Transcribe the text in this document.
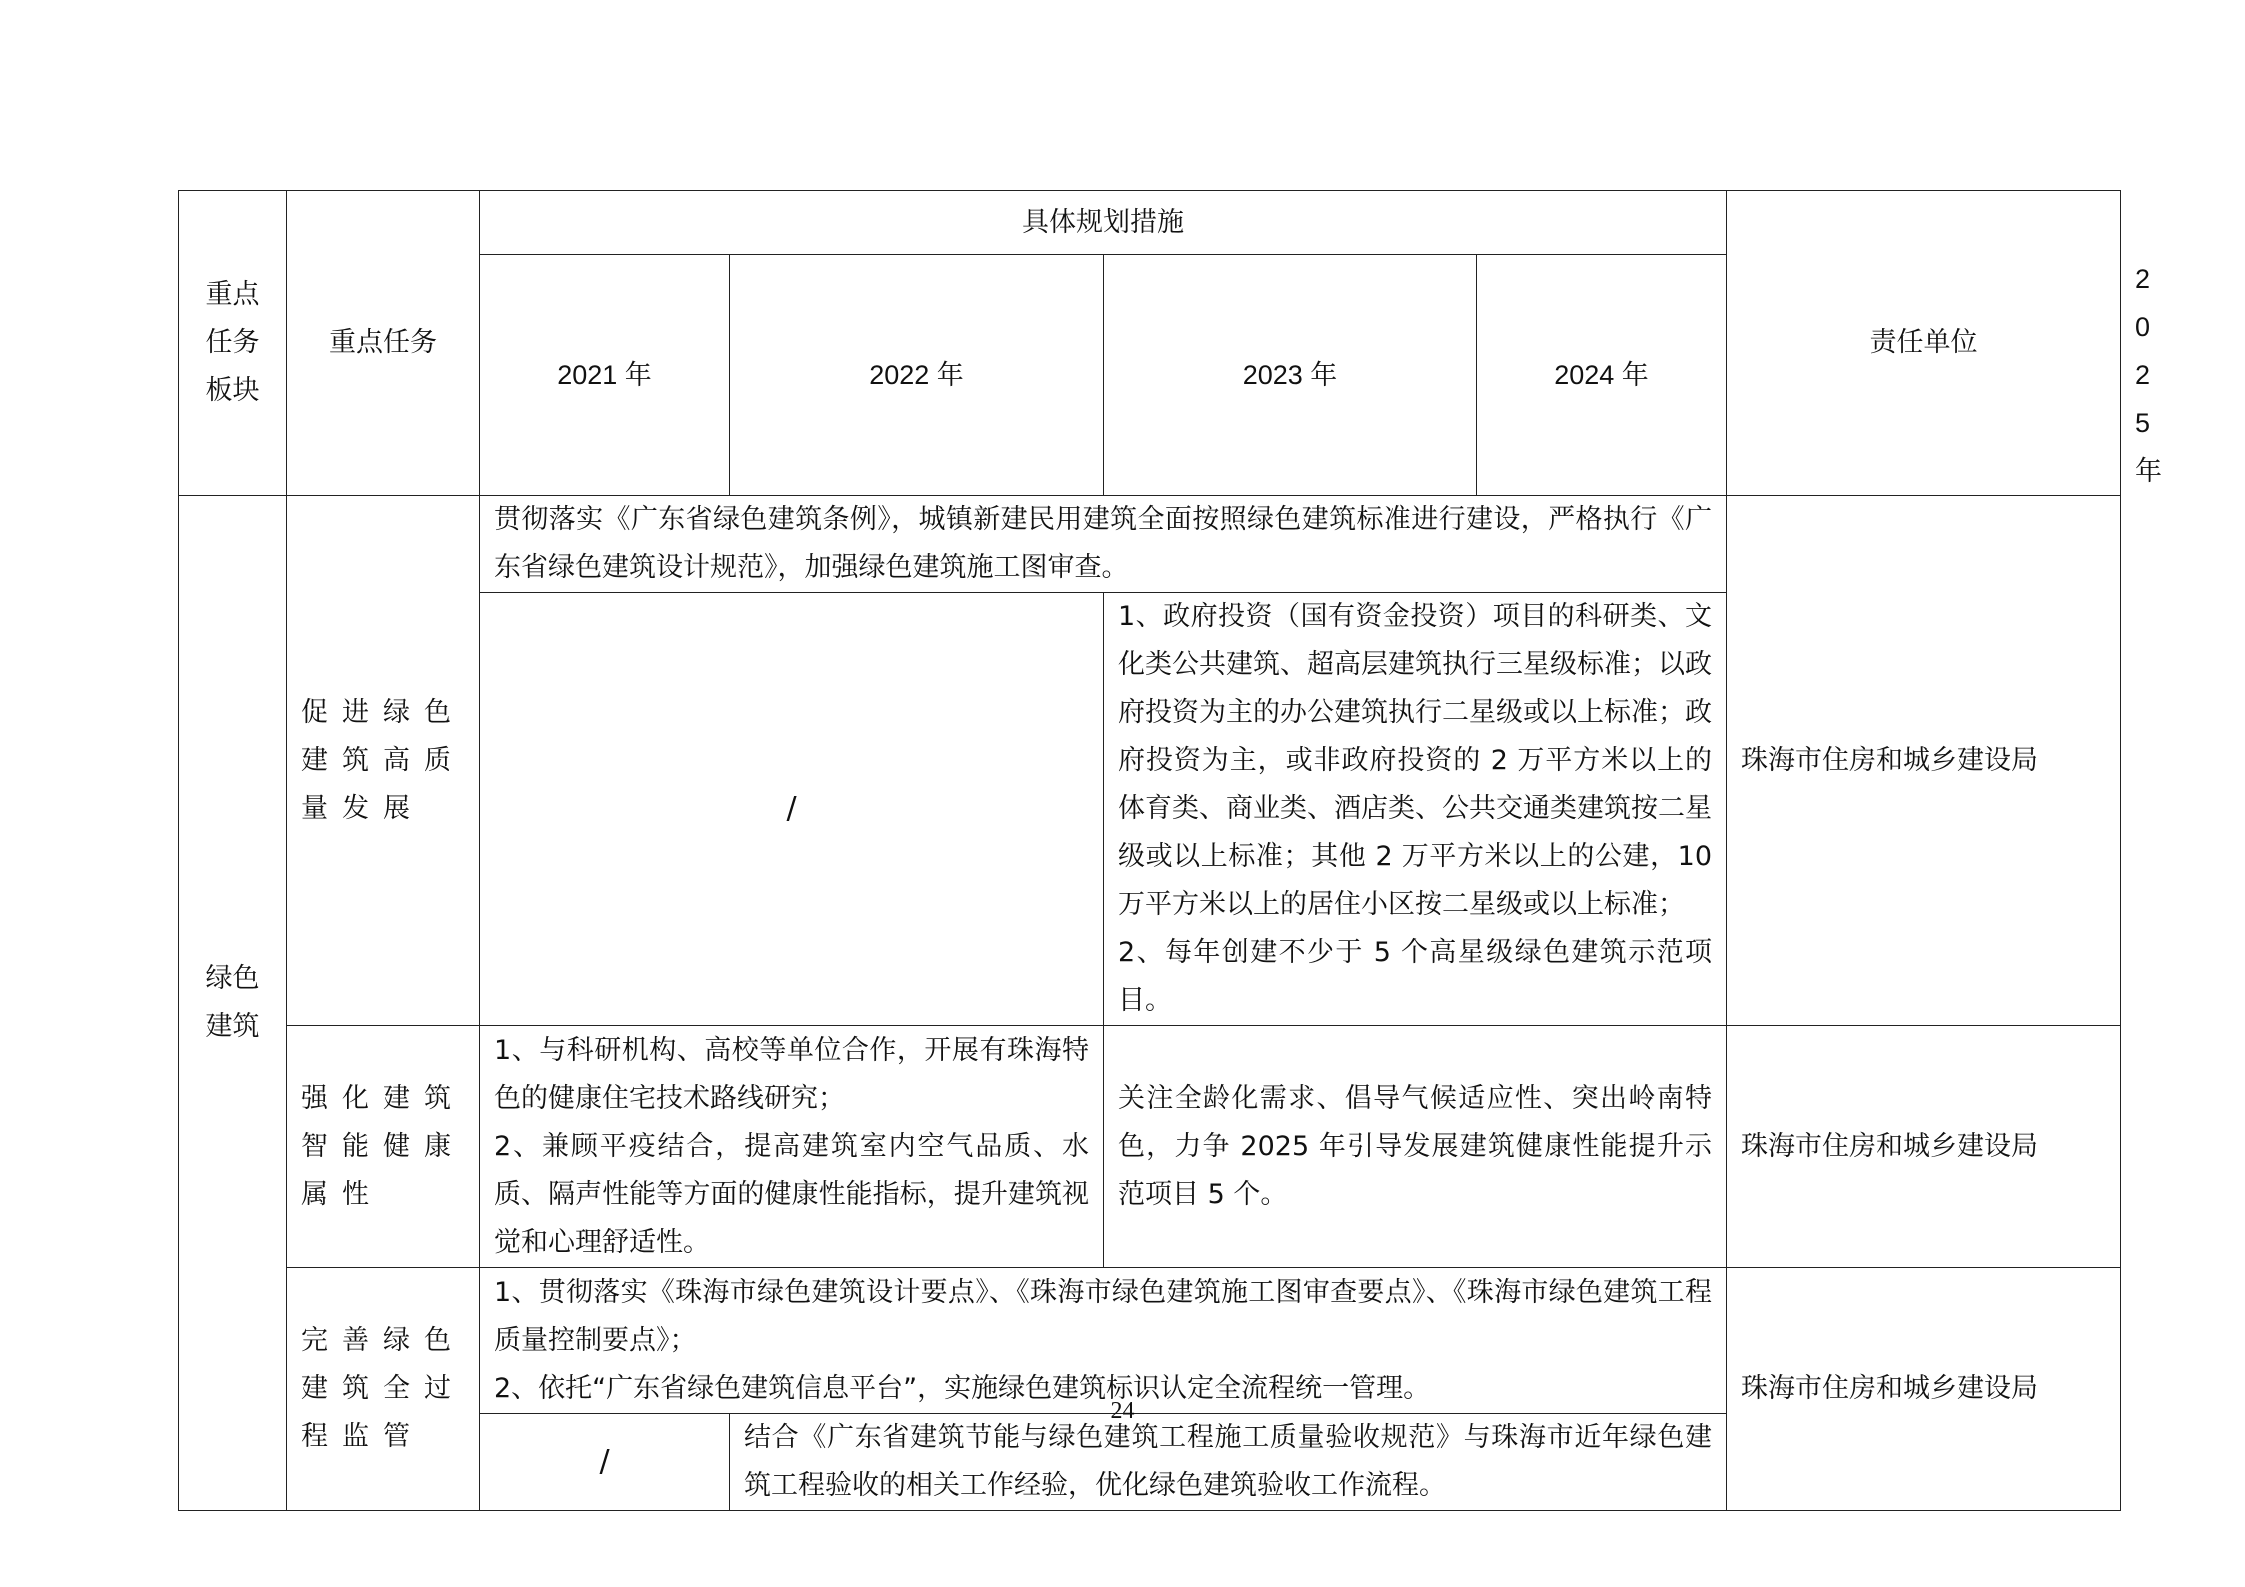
重点
任务
板块	重点任务	具体规划措施				责任单位	
		2021 年	2022 年	2023 年	2024 年		2025 年
绿色
建筑	促进绿色建筑高质量发展	贯彻落实《广东省绿色建筑条例》，城镇新建民用建筑全面按照绿色建筑标准进行建设，严格执行《广东省绿色建筑设计规范》，加强绿色建筑施工图审查。				珠海市住房和城乡建设局	
		/		1、政府投资（国有资金投资）项目的科研类、文化类公共建筑、超高层建筑执行三星级标准；以政府投资为主的办公建筑执行二星级或以上标准；政府投资为主，或非政府投资的 2 万平方米以上的体育类、商业类、酒店类、公共交通类建筑按二星级或以上标准；其他 2 万平方米以上的公建，10 万平方米以上的居住小区按二星级或以上标准；
2、每年创建不少于 5 个高星级绿色建筑示范项目。			
	强化建筑智能健康属性	1、与科研机构、高校等单位合作，开展有珠海特色的健康住宅技术路线研究；
2、兼顾平疫结合，提高建筑室内空气品质、水质、隔声性能等方面的健康性能指标，提升建筑视觉和心理舒适性。		关注全龄化需求、倡导气候适应性、突出岭南特色，力争 2025 年引导发展建筑健康性能提升示范项目 5 个。		珠海市住房和城乡建设局	
	完善绿色建筑全过程监管	1、贯彻落实《珠海市绿色建筑设计要点》、《珠海市绿色建筑施工图审查要点》、《珠海市绿色建筑工程质量控制要点》；
2、依托“广东省绿色建筑信息平台”，实施绿色建筑标识认定全流程统一管理。				珠海市住房和城乡建设局	
		/	结合《广东省建筑节能与绿色建筑工程施工质量验收规范》与珠海市近年绿色建筑工程验收的相关工作经验，优化绿色建筑验收工作流程。				
24
